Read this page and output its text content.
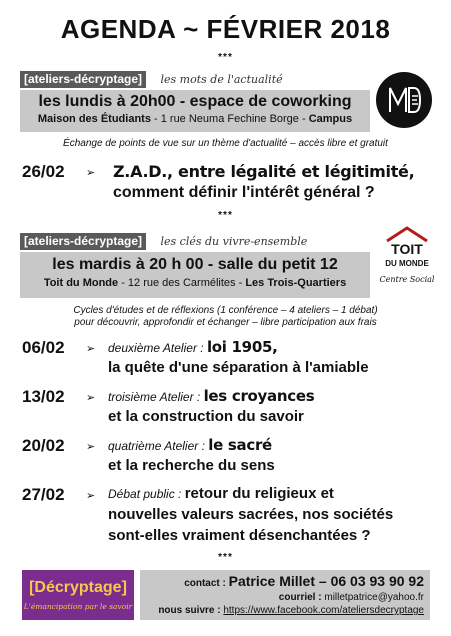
AGENDA ~ FÉVRIER 2018
***
[ateliers-décryptage] les mots de l'actualité
les lundis à 20h00 - espace de coworking
Maison des Étudiants - 1 rue Neuma Fechine Borge - Campus
Échange de points de vue sur un thème d'actualité – accès libre et gratuit
26/02 ➢ Z.A.D., entre légalité et légitimité,
comment définir l'intérêt général ?
***
[ateliers-décryptage] les clés du vivre-ensemble
les mardis à 20 h 00 - salle du petit 12
Toit du Monde - 12 rue des Carmélites - Les Trois-Quartiers
TOIT
DU MONDE
Centre Social
Cycles d'études et de réflexions (1 conférence – 4 ateliers – 1 débat)
pour découvrir, approfondir et échanger – libre participation aux frais
06/02 ➢ deuxième Atelier : loi 1905,
la quête d'une séparation à l'amiable
13/02 ➢ troisième Atelier : les croyances
et la construction du savoir
20/02 ➢ quatrième Atelier : le sacré
et la recherche du sens
27/02 ➢ Débat public : retour du religieux et
nouvelles valeurs sacrées, nos sociétés
sont-elles vraiment désenchantées ?
***
[Décryptage]
L'émancipation par le savoir
contact : Patrice Millet – 06 03 93 90 92
courriel : milletpatrice@yahoo.fr
nous suivre : https://www.facebook.com/ateliersdecryptage
